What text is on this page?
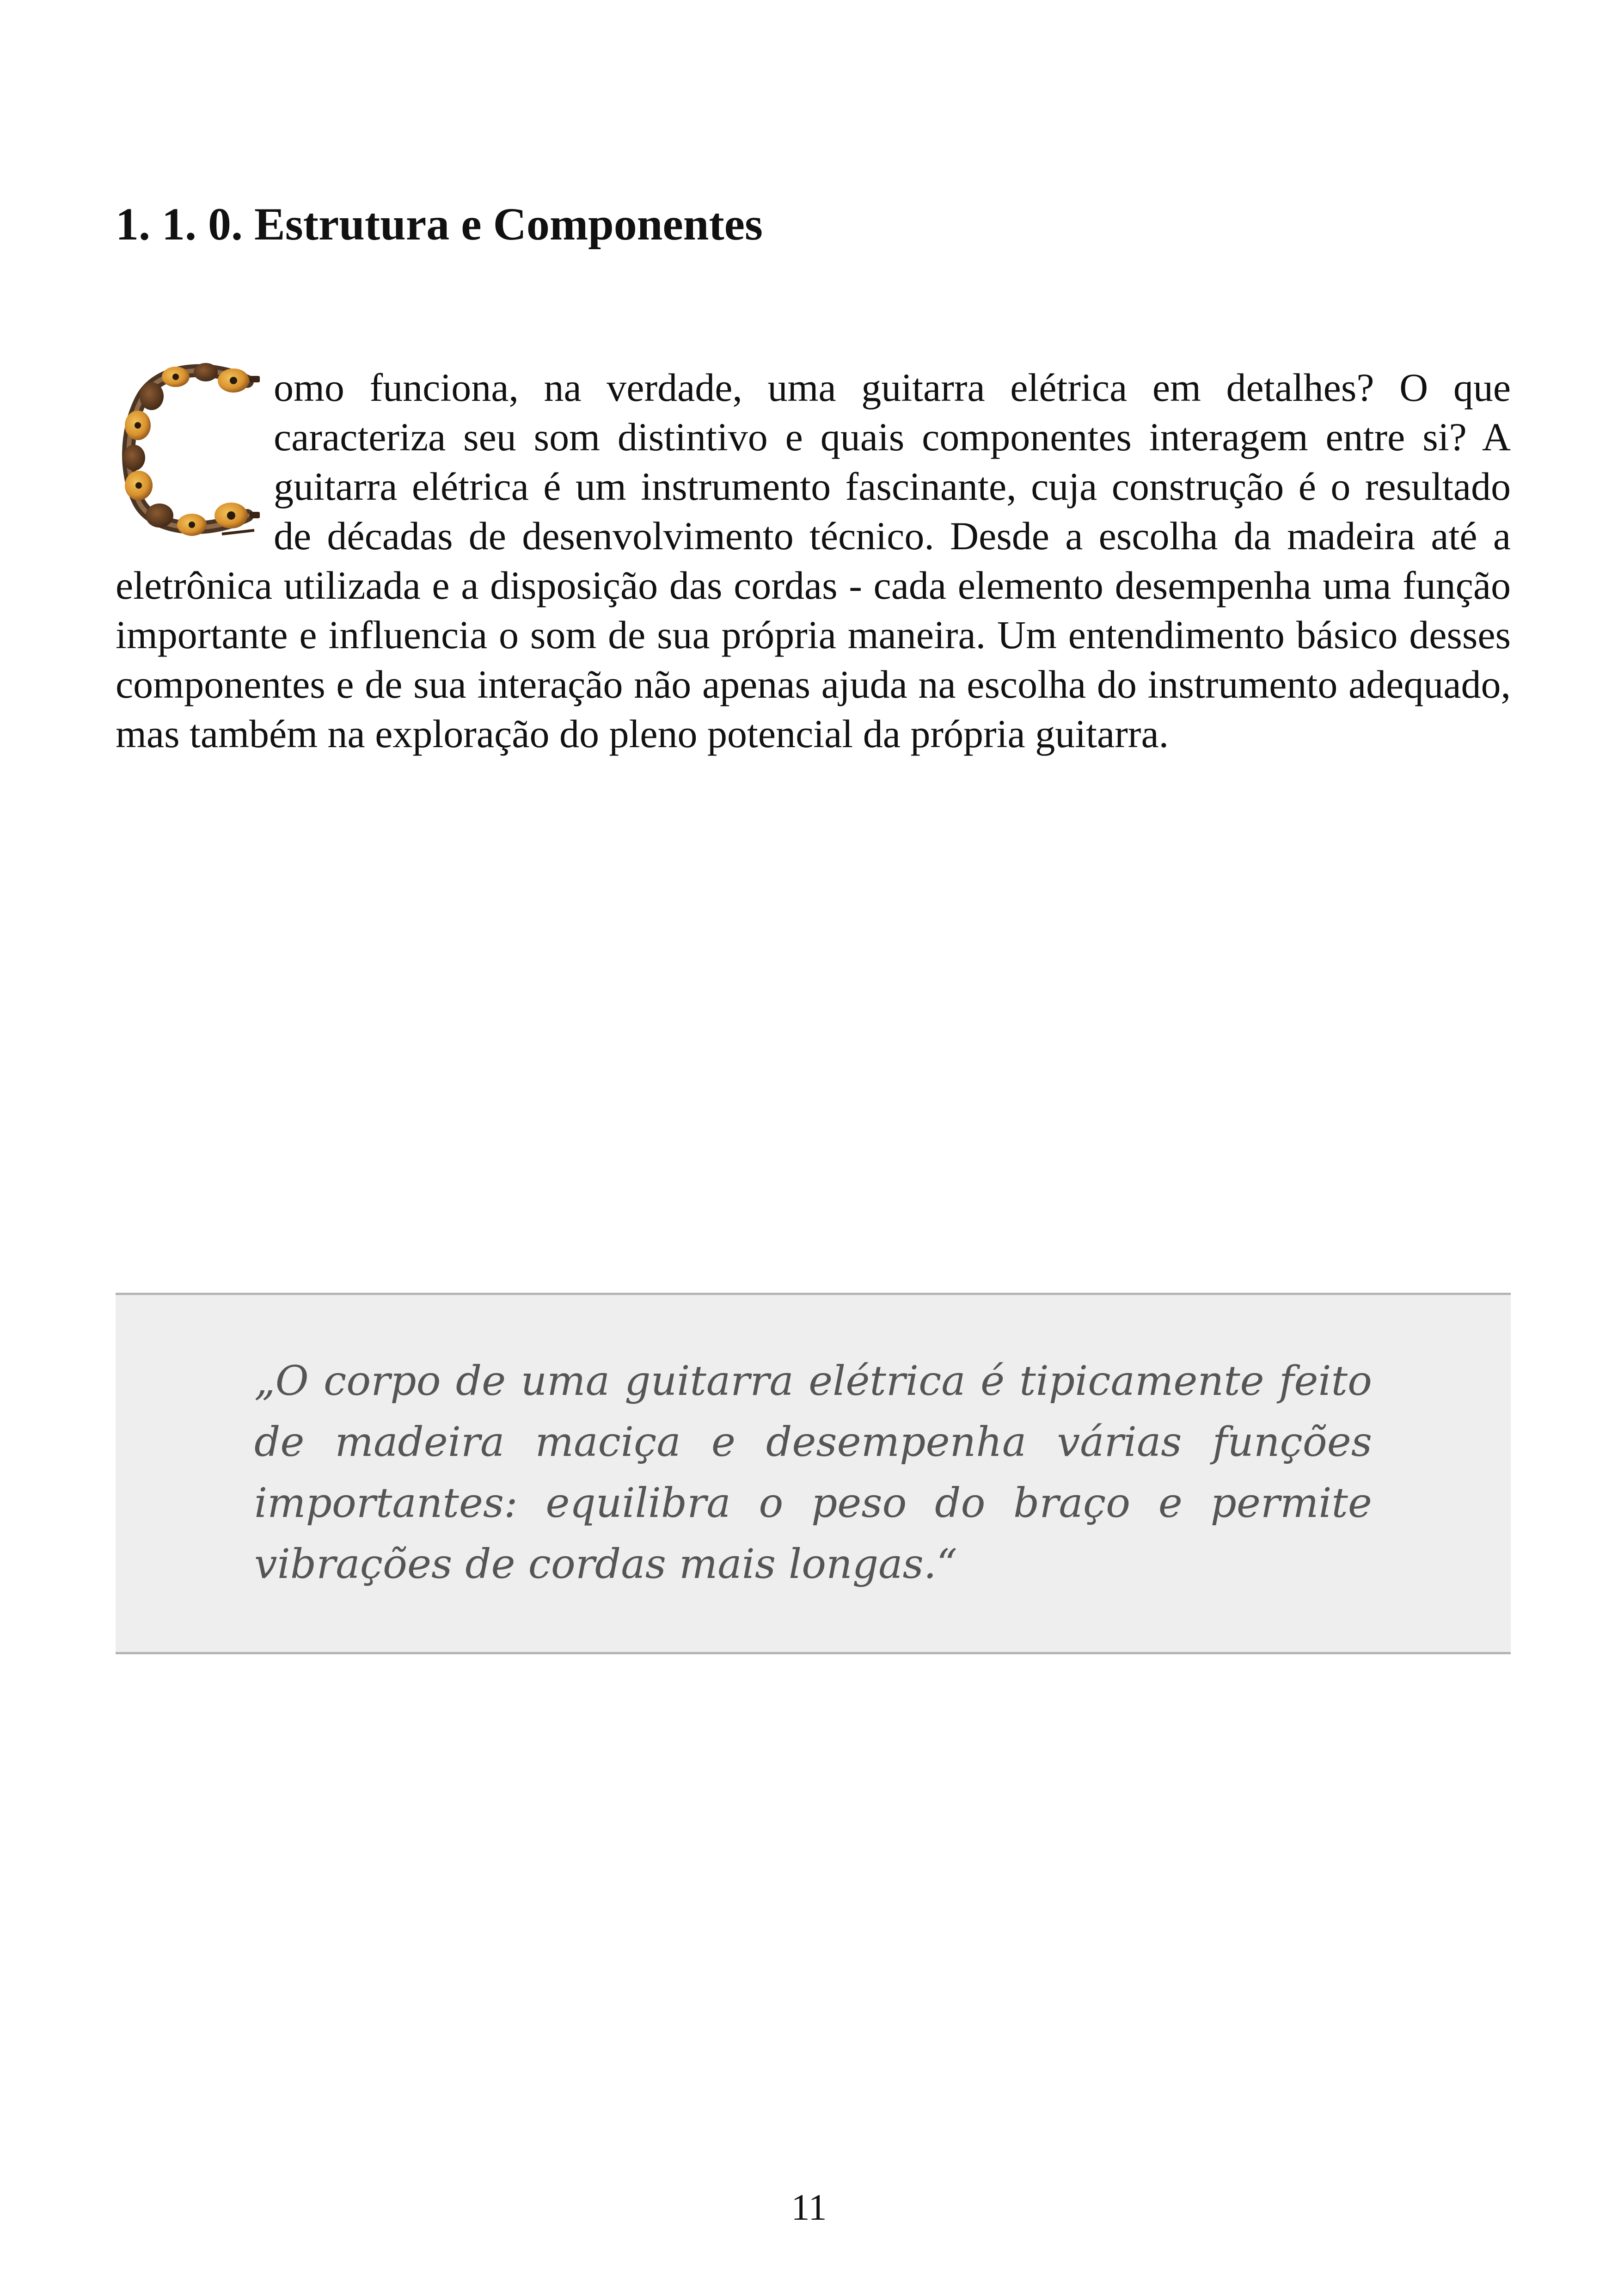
1. 1. 0. Estrutura e Componentes

omo funciona, na verdade, uma guitarra elétrica em detalhes? O que caracteriza seu som distintivo e quais componentes interagem entre si? A guitarra elétrica é um instrumento fascinante, cuja construção é o resultado de décadas de desenvolvimento técnico. Desde a escolha da madeira até a eletrônica utilizada e a disposição das cordas - cada elemento desempenha uma função importante e influencia o som de sua própria maneira. Um entendimento básico desses componentes e de sua interação não apenas ajuda na escolha do instrumento adequado, mas também na exploração do pleno potencial da própria guitarra.

„O corpo de uma guitarra elétrica é tipicamente feito de madeira maciça e desempenha várias funções importantes: equilibra o peso do braço e permite vibrações de cordas mais longas.“

11
